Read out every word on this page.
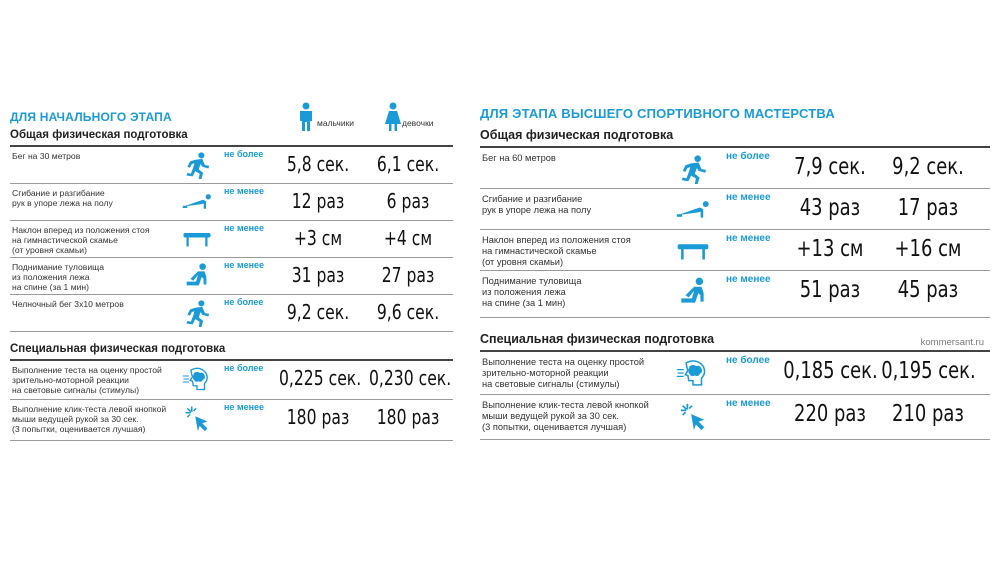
ДЛЯ НАЧАЛЬНОГО ЭТАПА	мальчики	девочки
Общая физическая подготовка
Бег на 30 метров	не более	5,8 сек.	6,1 сек.
Сгибание и разгибание
рук в упоре лежа на полу
не менее	12 раз	6 раз
Наклон вперед из положения стоя
на гимнастической скамье
(от уровня скамьи)
не менее	+3 см	+4 см
Поднимание туловища
из положения лежа
на спине (за 1 мин)
не менее	31 раз	27 раз
Челночный бег 3х10 метров	не более	9,2 сек.	9,6 сек.
Специальная физическая подготовка
Выполнение теста на оценку простой
зрительно-моторной реакции
на световые сигналы (стимулы)
не более 0,225 сек. 0,230 сек.
Выполнение клик-теста левой кнопкой
мыши ведущей рукой за 30 сек.
(3 попытки, оценивается лучшая)
не менее	180 раз	180 раз
ДЛЯ ЭТАПА ВЫСШЕГО СПОРТИВНОГО МАСТЕРСТВА
Общая физическая подготовка
Бег на 60 метров	не более	7,9 сек.	9,2 сек.
Сгибание и разгибание
рук в упоре лежа на полу
не менее	43 раз	17 раз
Наклон вперед из положения стоя
на гимнастической скамье
(от уровня скамьи)
не менее	+13 см	+16 см
Поднимание туловища
из положения лежа
на спине (за 1 мин)
не менее	51 раз	45 раз
Специальная физическая подготовка	kommersant.ru
Выполнение теста на оценку простой
зрительно-моторной реакции
на световые сигналы (стимулы)
не более 0,185 сек. 0,195 сек.
Выполнение клик-теста левой кнопкой
мыши ведущей рукой за 30 сек.
(3 попытки, оценивается лучшая)
не менее	220 раз	210 раз
